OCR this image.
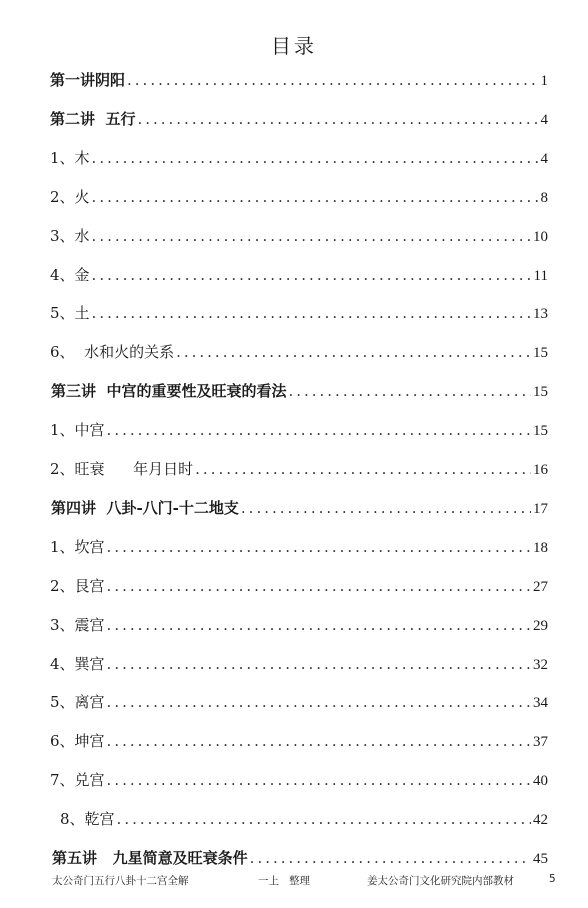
目录
第一讲阴阳 .....	1
第二讲  五行 .....	4
1、木 .....	4
2、火 .....	8
3、水 .....	10
4、金 .....	11
5、土 .....	13
6、  水和火的关系 .....	15
第三讲  中宫的重要性及旺衰的看法 .....	15
1、中宫 .....	15
2、旺衰      年月日时 .....	16
第四讲  八卦-八门-十二地支 .....	17
1、坎宫 .....	18
2、艮宫 .....	27
3、震宫 .....	29
4、巽宫 .....	32
5、离宫 .....	34
6、坤宫 .....	37
7、兑宫 .....	40
8、乾宫 .....	42
第五讲   九星简意及旺衰条件 .....	45
太公奇门五行八卦十二宫全解	一上   整理	姜太公奇门文化研究院内部教材	5
